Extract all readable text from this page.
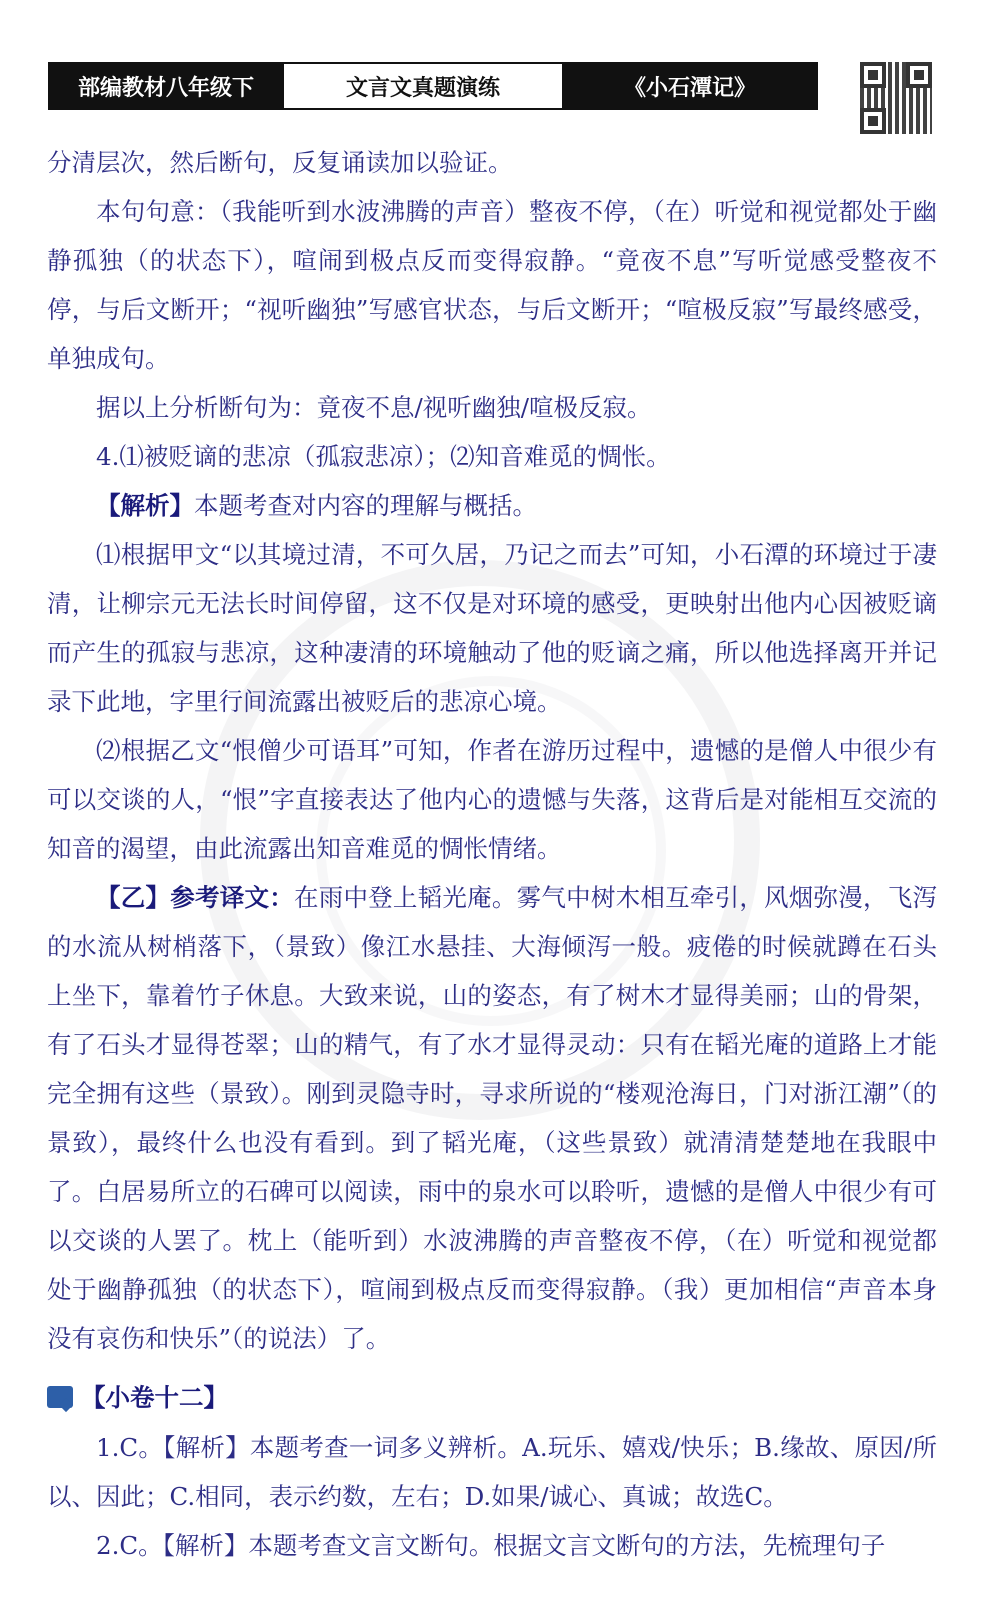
部编教材八年级下	文言文真题演练	《小石潭记》

分清层次，然后断句，反复诵读加以验证。

本句句意：（我能听到水波沸腾的声音）整夜不停，（在）听觉和视觉都处于幽静孤独（的状态下），喧闹到极点反而变得寂静。“竟夜不息”写听觉感受整夜不停，与后文断开；“视听幽独”写感官状态，与后文断开；“喧极反寂”写最终感受，单独成句。

据以上分析断句为：竟夜不息/视听幽独/喧极反寂。

4.⑴被贬谪的悲凉（孤寂悲凉）；⑵知音难觅的惆怅。

【解析】本题考查对内容的理解与概括。

⑴根据甲文“以其境过清，不可久居，乃记之而去”可知，小石潭的环境过于凄清，让柳宗元无法长时间停留，这不仅是对环境的感受，更映射出他内心因被贬谪而产生的孤寂与悲凉，这种凄清的环境触动了他的贬谪之痛，所以他选择离开并记录下此地，字里行间流露出被贬后的悲凉心境。

⑵根据乙文“恨僧少可语耳”可知，作者在游历过程中，遗憾的是僧人中很少有可以交谈的人，“恨”字直接表达了他内心的遗憾与失落，这背后是对能相互交流的知音的渴望，由此流露出知音难觅的惆怅情绪。

【乙】参考译文：在雨中登上韬光庵。雾气中树木相互牵引，风烟弥漫，飞泻的水流从树梢落下，（景致）像江水悬挂、大海倾泻一般。疲倦的时候就蹲在石头上坐下，靠着竹子休息。大致来说，山的姿态，有了树木才显得美丽；山的骨架，有了石头才显得苍翠；山的精气，有了水才显得灵动：只有在韬光庵的道路上才能完全拥有这些（景致）。刚到灵隐寺时，寻求所说的“楼观沧海日，门对浙江潮”（的景致），最终什么也没有看到。到了韬光庵，（这些景致）就清清楚楚地在我眼中了。白居易所立的石碑可以阅读，雨中的泉水可以聆听，遗憾的是僧人中很少有可以交谈的人罢了。枕上（能听到）水波沸腾的声音整夜不停，（在）听觉和视觉都处于幽静孤独（的状态下），喧闹到极点反而变得寂静。（我）更加相信“声音本身没有哀伤和快乐”（的说法）了。

【小卷十二】

1.C。【解析】本题考查一词多义辨析。A.玩乐、嬉戏/快乐；B.缘故、原因/所以、因此；C.相同，表示约数，左右；D.如果/诚心、真诚；故选C。

2.C。【解析】本题考查文言文断句。根据文言文断句的方法，先梳理句子
